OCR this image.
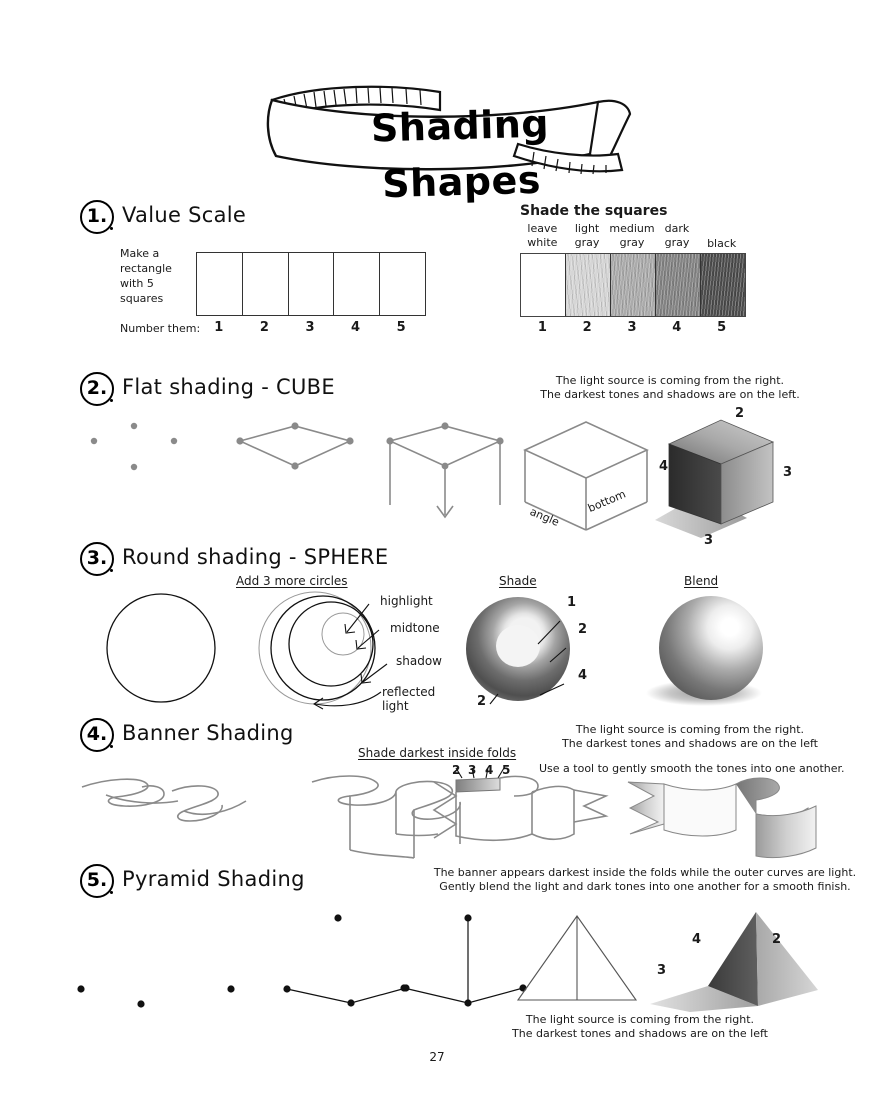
Shading Shapes
1. Value Scale
Make a
rectangle
with 5
squares
Number them:	1	2	3	4	5
Shade the squares
leave
white
light
gray
medium
gray
dark
gray	black
1	2	3	4	5
2. Flat shading - CUBE	The light source is coming from the right.
The darkest tones and shadows are on the left.
angle
bottom
2
4	3
3
3. Round shading - SPHERE
Add 3 more circles
highlight
midtone
shadow
reflected
light
Shade
1
2
4
2
Blend
4. Banner Shading
Shade darkest inside folds
The light source is coming from the right.
The darkest tones and shadows are on the left
Use a tool to gently smooth the tones into one another.
2 3 4 5
5. Pyramid Shading	The banner appears darkest inside the folds while the outer curves are light.
Gently blend the light and dark tones into one another for a smooth finish.
4	2
3
The light source is coming from the right.
The darkest tones and shadows are on the left
27
